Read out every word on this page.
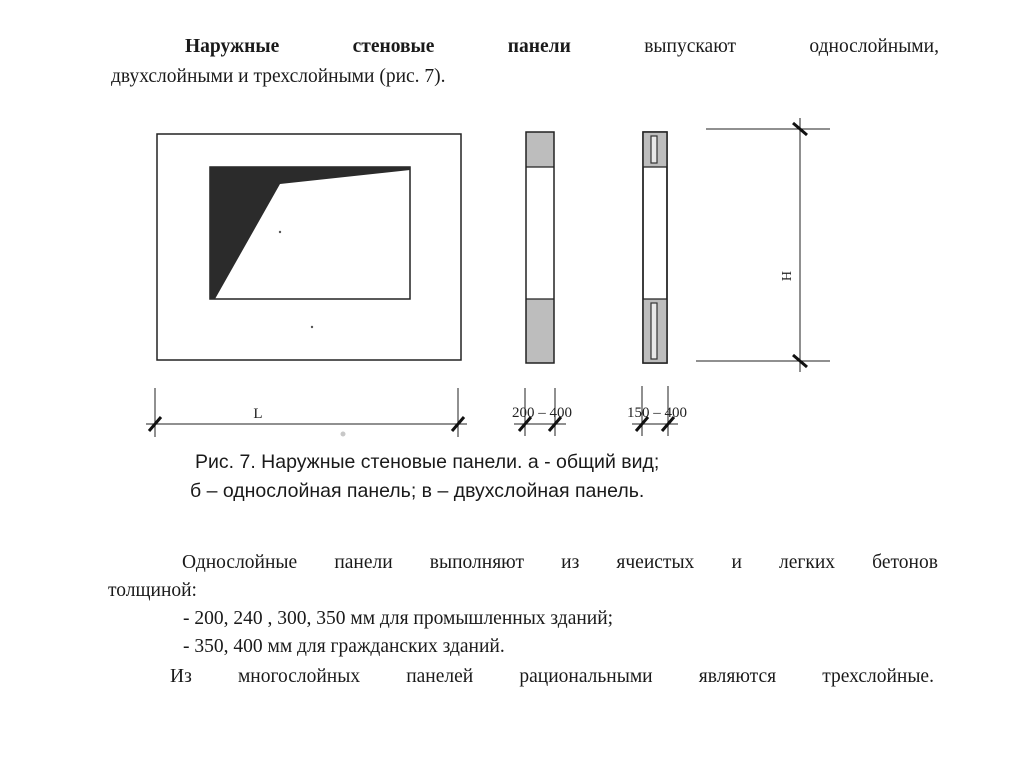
Наружные	стеновые	панели	выпускают	однослойными,
двухслойными и трехслойными (рис. 7).
L	200 – 400	150 – 400
H
Рис. 7. Наружные стеновые панели. а - общий вид;
б – однослойная панель; в – двухслойная панель.
Однослойные панели выполняют из ячеистых и легких бетонов
толщиной:
- 200, 240 , 300, 350 мм для промышленных зданий;
- 350, 400 мм для гражданских зданий.
Из многослойных панелей рациональными являются трехслойные.
